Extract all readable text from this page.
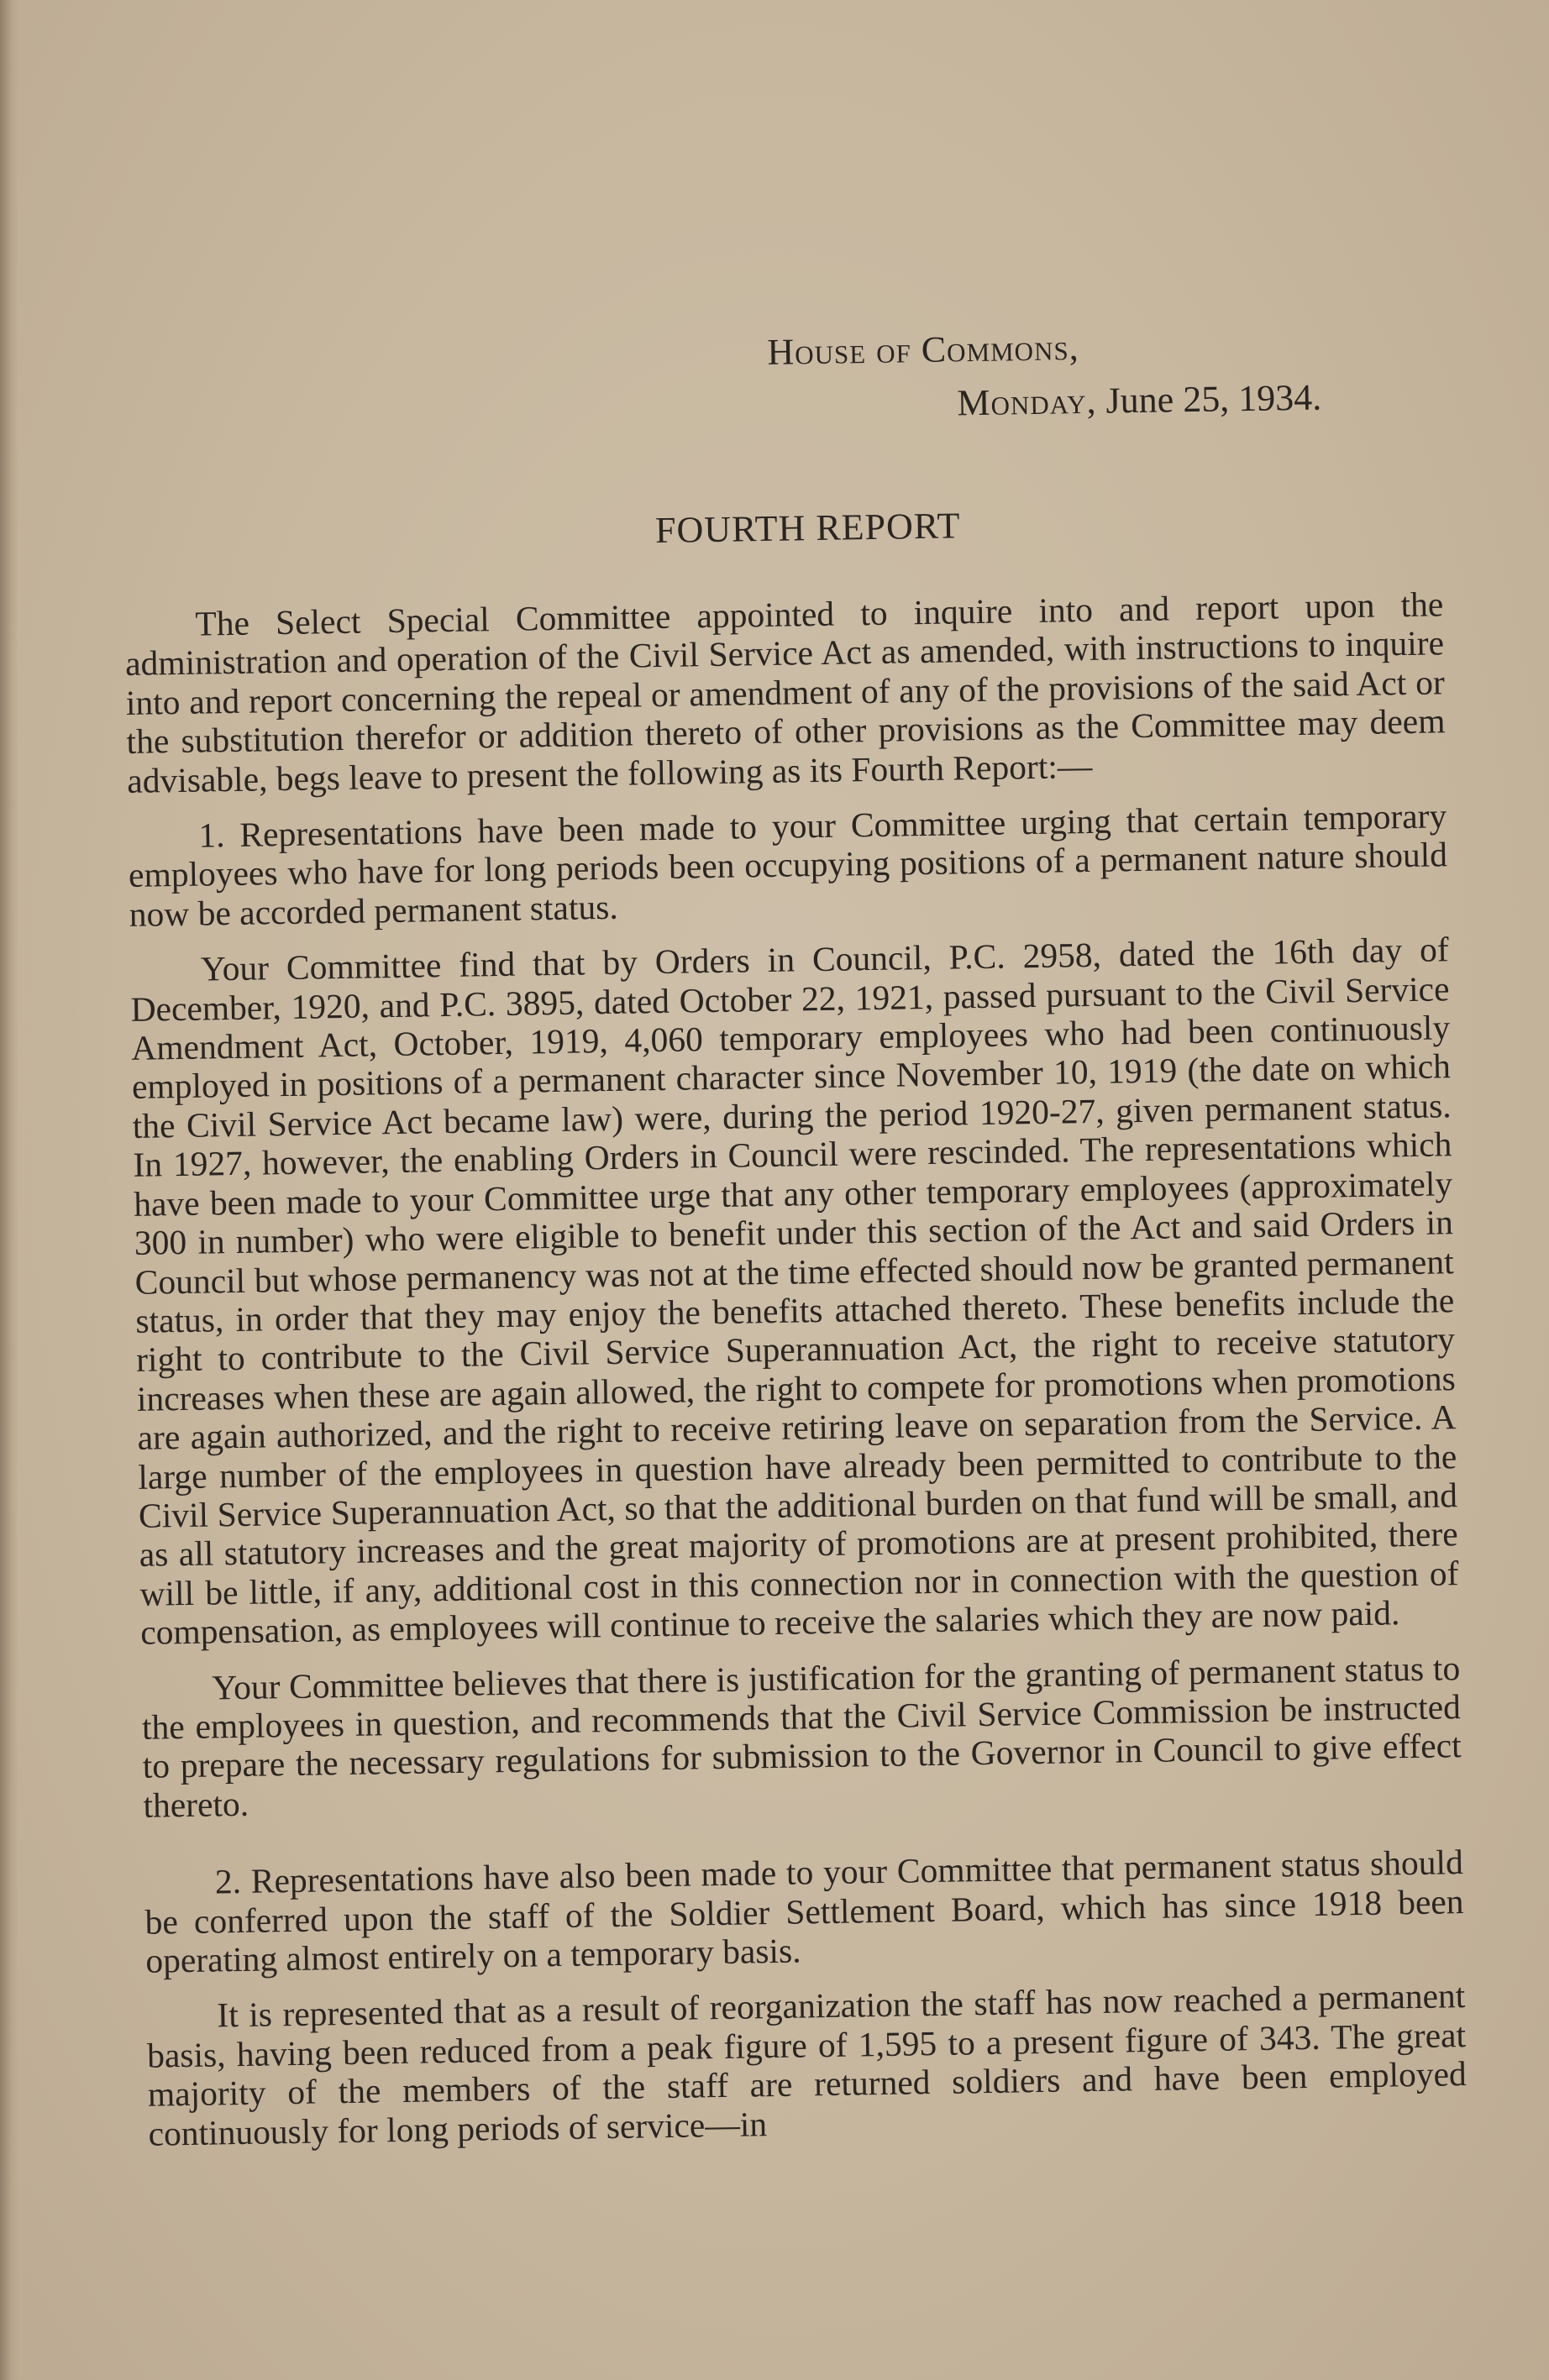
House of Commons,
Monday, June 25, 1934.
FOURTH REPORT

The Select Special Committee appointed to inquire into and report upon the administration and operation of the Civil Service Act as amended, with instructions to inquire into and report concerning the repeal or amendment of any of the provisions of the said Act or the substitution therefor or addition thereto of other provisions as the Committee may deem advisable, begs leave to present the following as its Fourth Report:—

1. Representations have been made to your Committee urging that certain temporary employees who have for long periods been occupying positions of a permanent nature should now be accorded permanent status.

Your Committee find that by Orders in Council, P.C. 2958, dated the 16th day of December, 1920, and P.C. 3895, dated October 22, 1921, passed pursuant to the Civil Service Amendment Act, October, 1919, 4,060 temporary employees who had been continuously employed in positions of a permanent character since November 10, 1919 (the date on which the Civil Service Act became law) were, during the period 1920-27, given permanent status. In 1927, however, the enabling Orders in Council were rescinded. The representations which have been made to your Committee urge that any other temporary employees (approximately 300 in number) who were eligible to benefit under this section of the Act and said Orders in Council but whose permanency was not at the time effected should now be granted permanent status, in order that they may enjoy the benefits attached thereto. These benefits include the right to contribute to the Civil Service Superannuation Act, the right to receive statutory increases when these are again allowed, the right to compete for promotions when promotions are again authorized, and the right to receive retiring leave on separation from the Service. A large number of the employees in question have already been permitted to contribute to the Civil Service Superannuation Act, so that the additional burden on that fund will be small, and as all statutory increases and the great majority of promotions are at present prohibited, there will be little, if any, additional cost in this connection nor in connection with the question of compensation, as employees will continue to receive the salaries which they are now paid.

Your Committee believes that there is justification for the granting of permanent status to the employees in question, and recommends that the Civil Service Commission be instructed to prepare the necessary regulations for submission to the Governor in Council to give effect thereto.

2. Representations have also been made to your Committee that permanent status should be conferred upon the staff of the Soldier Settlement Board, which has since 1918 been operating almost entirely on a temporary basis.

It is represented that as a result of reorganization the staff has now reached a permanent basis, having been reduced from a peak figure of 1,595 to a present figure of 343. The great majority of the members of the staff are returned soldiers and have been employed continuously for long periods of service—in
